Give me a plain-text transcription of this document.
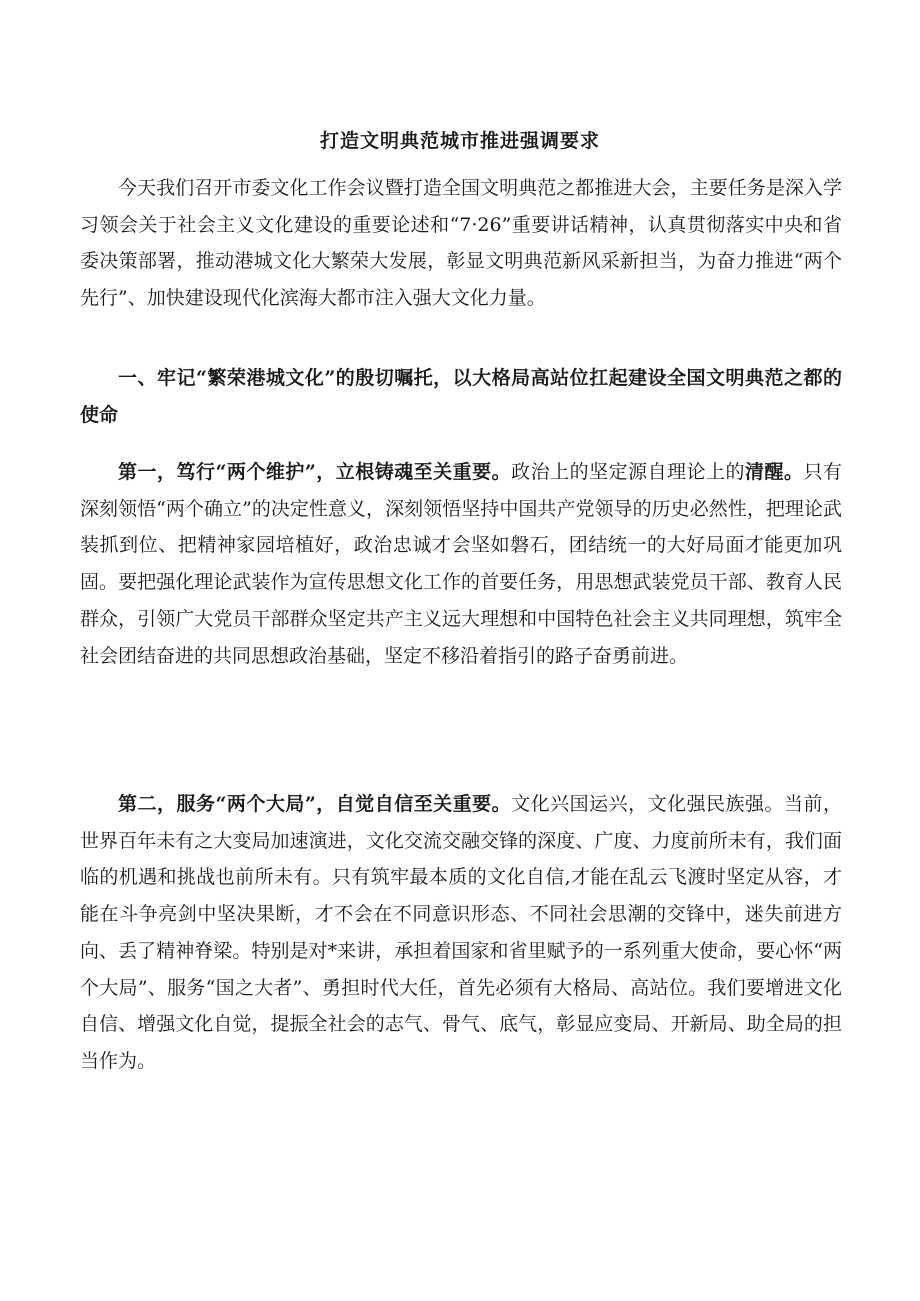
打造文明典范城市推进强调要求

今天我们召开市委文化工作会议暨打造全国文明典范之都推进大会，主要任务是深入学习领会关于社会主义文化建设的重要论述和“7·26”重要讲话精神，认真贯彻落实中央和省委决策部署，推动港城文化大繁荣大发展，彰显文明典范新风采新担当，为奋力推进“两个先行”、加快建设现代化滨海大都市注入强大文化力量。

一、牢记“繁荣港城文化”的殷切嘱托，以大格局高站位扛起建设全国文明典范之都的使命

第一，笃行“两个维护”，立根铸魂至关重要。政治上的坚定源自理论上的清醒。只有深刻领悟“两个确立”的决定性意义，深刻领悟坚持中国共产党领导的历史必然性，把理论武装抓到位、把精神家园培植好，政治忠诚才会坚如磐石，团结统一的大好局面才能更加巩固。要把强化理论武装作为宣传思想文化工作的首要任务，用思想武装党员干部、教育人民群众，引领广大党员干部群众坚定共产主义远大理想和中国特色社会主义共同理想，筑牢全社会团结奋进的共同思想政治基础，坚定不移沿着指引的路子奋勇前进。

第二，服务“两个大局”，自觉自信至关重要。文化兴国运兴，文化强民族强。当前，世界百年未有之大变局加速演进，文化交流交融交锋的深度、广度、力度前所未有，我们面临的机遇和挑战也前所未有。只有筑牢最本质的文化自信,才能在乱云飞渡时坚定从容，才能在斗争亮剑中坚决果断，才不会在不同意识形态、不同社会思潮的交锋中，迷失前进方向、丢了精神脊梁。特别是对*来讲，承担着国家和省里赋予的一系列重大使命，要心怀“两个大局”、服务“国之大者”、勇担时代大任，首先必须有大格局、高站位。我们要增进文化自信、增强文化自觉，提振全社会的志气、骨气、底气，彰显应变局、开新局、助全局的担当作为。
